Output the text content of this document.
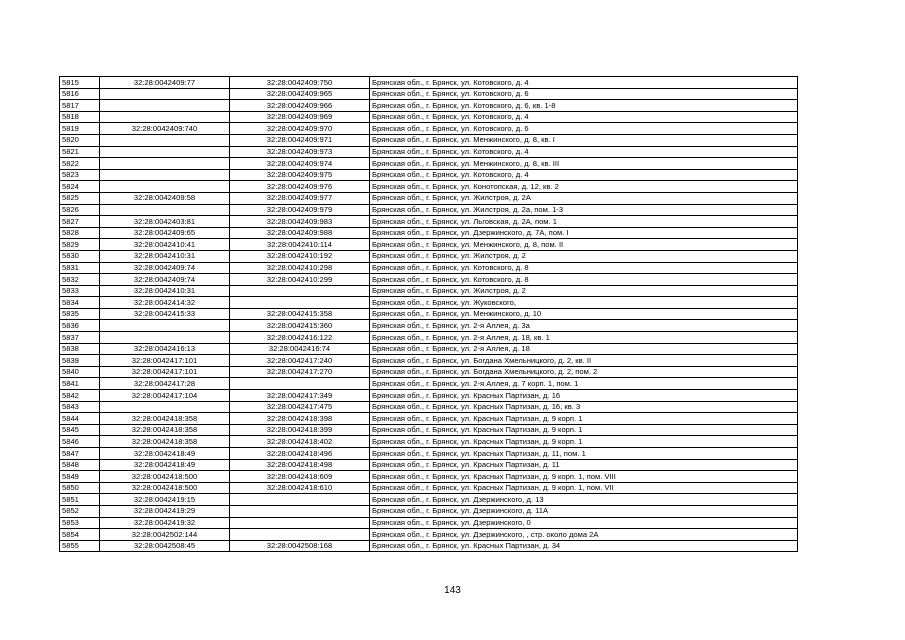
5815	32:28:0042409:77	32:28:0042409:750	Брянская обл., г. Брянск, ул. Котовского, д. 4
5816		32:28:0042409:965	Брянская обл., г. Брянск, ул. Котовского, д. 6
5817		32:28:0042409:966	Брянская обл., г. Брянск, ул. Котовского, д. 6, кв. 1-8
5818		32:28:0042409:969	Брянская обл., г. Брянск, ул. Котовского, д. 4
5819	32:28:0042409:740	32:28:0042409:970	Брянская обл., г. Брянск, ул. Котовского, д. 6
5820		32:28:0042409:971	Брянская обл., г. Брянск, ул. Менжинского, д. 8, кв. I
5821		32:28:0042409:973	Брянская обл., г. Брянск, ул. Котовского, д. 4
5822		32:28:0042409:974	Брянская обл., г. Брянск, ул. Менжинского, д. 8, кв. III
5823		32:28:0042409:975	Брянская обл., г. Брянск, ул. Котовского, д. 4
5824		32:28:0042409:976	Брянская обл., г. Брянск, ул. Конотопская, д. 12, кв. 2
5825	32:28:0042409:58	32:28:0042409:977	Брянская обл., г. Брянск, ул. Жилстроя, д. 2А
5826		32:28:0042409:979	Брянская обл., г. Брянск, ул. Жилстроя, д. 2а, пом. 1-3
5827	32:28:0042403:81	32:28:0042409:983	Брянская обл., г. Брянск, ул. Льговская, д. 2А, пом. 1
5828	32:28:0042409:65	32:28:0042409:988	Брянская обл., г. Брянск, ул. Дзержинского, д. 7А, пом. I
5829	32:28:0042410:41	32:28:0042410:114	Брянская обл., г. Брянск, ул. Менжинского, д. 8, пом. II
5830	32:28:0042410:31	32:28:0042410:192	Брянская обл., г. Брянск, ул. Жилстроя, д. 2
5831	32:28:0042409:74	32:28:0042410:298	Брянская обл., г. Брянск, ул. Котовского, д. 8
5832	32:28:0042409:74	32:28:0042410:299	Брянская обл., г. Брянск, ул. Котовского, д. 8
5833	32:28:0042410:31		Брянская обл., г. Брянск, ул. Жилстроя, д. 2
5834	32:28:0042414:32		Брянская обл., г. Брянск, ул. Жуковского,
5835	32:28:0042415:33	32:28:0042415:358	Брянская обл., г. Брянск, ул. Менжинского, д. 10
5836		32:28:0042415:360	Брянская обл., г. Брянск, ул. 2-я Аллея, д. 3а
5837		32:28:0042416:122	Брянская обл., г. Брянск, ул. 2-я Аллея, д. 18, кв. 1
5838	32:28:0042416:13	32:28:0042416:74	Брянская обл., г. Брянск, ул. 2-я Аллея, д. 18
5839	32:28:0042417:101	32:28:0042417:240	Брянская обл., г. Брянск, ул. Богдана Хмельницкого, д. 2, кв. II
5840	32:28:0042417:101	32:28:0042417:270	Брянская обл., г. Брянск, ул. Богдана Хмельницкого, д. 2, пом. 2
5841	32:28:0042417:28		Брянская обл., г. Брянск, ул. 2-я Аллея, д. 7 корп. 1, пом. 1
5842	32:28:0042417:104	32:28:0042417:349	Брянская обл., г. Брянск, ул. Красных Партизан, д. 16
5843		32:28:0042417:475	Брянская обл., г. Брянск, ул. Красных Партизан, д. 16, кв. 3
5844	32:28:0042418:358	32:28:0042418:398	Брянская обл., г. Брянск, ул. Красных Партизан, д. 9 корп. 1
5845	32:28:0042418:358	32:28:0042418:399	Брянская обл., г. Брянск, ул. Красных Партизан, д. 9 корп. 1
5846	32:28:0042418:358	32:28:0042418:402	Брянская обл., г. Брянск, ул. Красных Партизан, д. 9 корп. 1
5847	32:28:0042418:49	32:28:0042418:496	Брянская обл., г. Брянск, ул. Красных Партизан, д. 11, пом. 1
5848	32:28:0042418:49	32:28:0042418:498	Брянская обл., г. Брянск, ул. Красных Партизан, д. 11
5849	32:28:0042418:500	32:28:0042418:609	Брянская обл., г. Брянск, ул. Красных Партизан, д. 9 корп. 1, пом. VIII
5850	32:28:0042418:500	32:28:0042418:610	Брянская обл., г. Брянск, ул. Красных Партизан, д. 9 корп. 1, пом. VII
5851	32:28:0042419:15		Брянская обл., г. Брянск, ул. Дзержинского, д. 13
5852	32:28:0042419:29		Брянская обл., г. Брянск, ул. Дзержинского, д. 11А
5853	32:28:0042419:32		Брянская обл., г. Брянск, ул. Дзержинского, 0
5854	32:28:0042502:144		Брянская обл., г. Брянск, ул. Дзержинского, , стр. около дома 2А
5855	32:28:0042508:45	32:28:0042508:168	Брянская обл., г. Брянск, ул. Красных Партизан, д. 34
143
